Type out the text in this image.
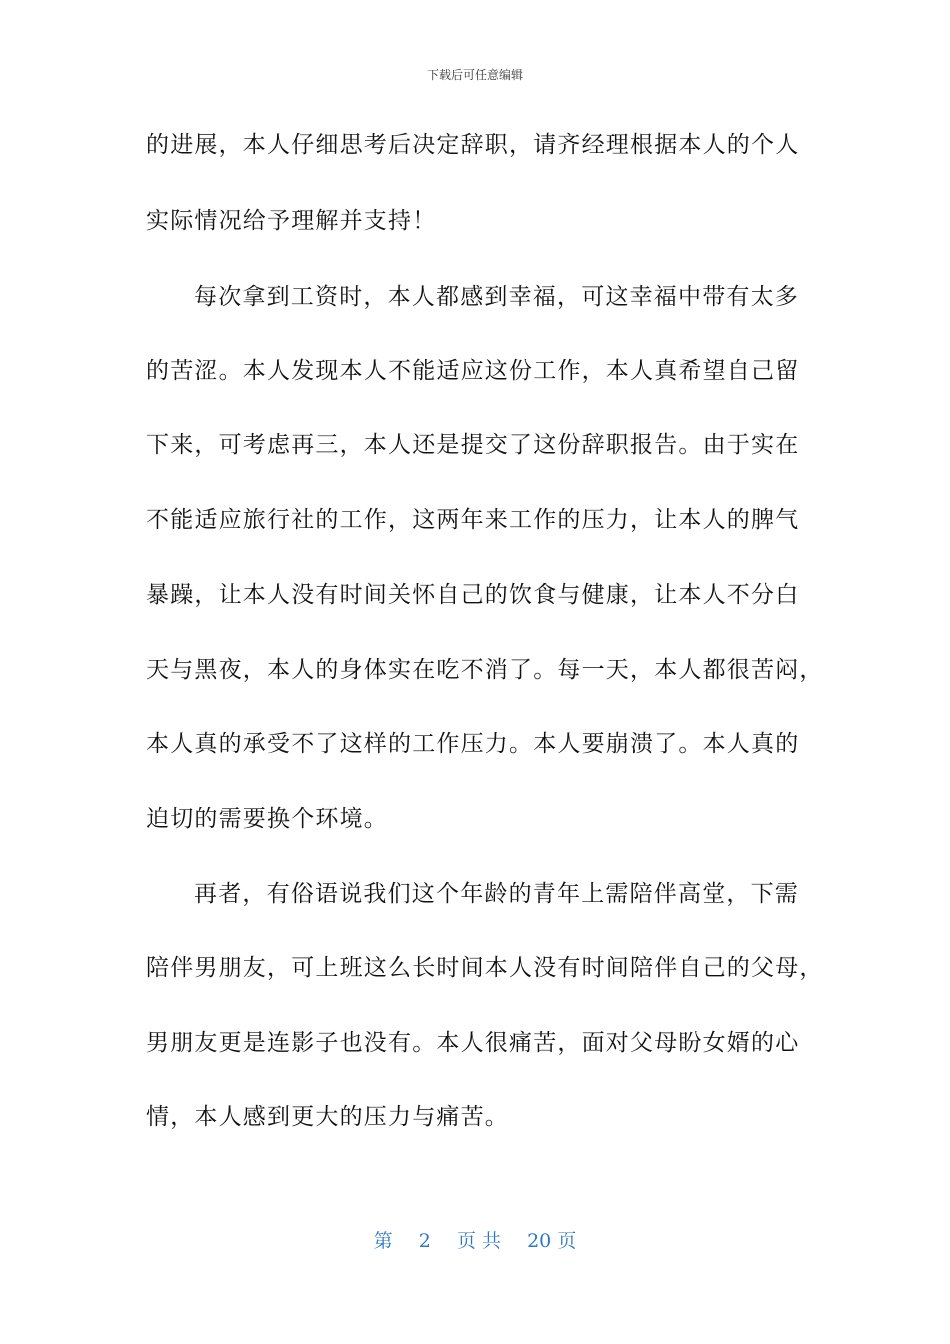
下载后可任意编辑
的进展，本人仔细思考后决定辞职，请齐经理根据本人的个人
实际情况给予理解并支持！
每次拿到工资时，本人都感到幸福，可这幸福中带有太多
的苦涩。本人发现本人不能适应这份工作，本人真希望自己留
下来，可考虑再三，本人还是提交了这份辞职报告。由于实在
不能适应旅行社的工作，这两年来工作的压力，让本人的脾气
暴躁，让本人没有时间关怀自己的饮食与健康，让本人不分白
天与黑夜，本人的身体实在吃不消了。每一天，本人都很苦闷，
本人真的承受不了这样的工作压力。本人要崩溃了。本人真的
迫切的需要换个环境。
再者，有俗语说我们这个年龄的青年上需陪伴高堂，下需
陪伴男朋友，可上班这么长时间本人没有时间陪伴自己的父母，
男朋友更是连影子也没有。本人很痛苦，面对父母盼女婿的心
情，本人感到更大的压力与痛苦。
第 2 页 共 20 页
